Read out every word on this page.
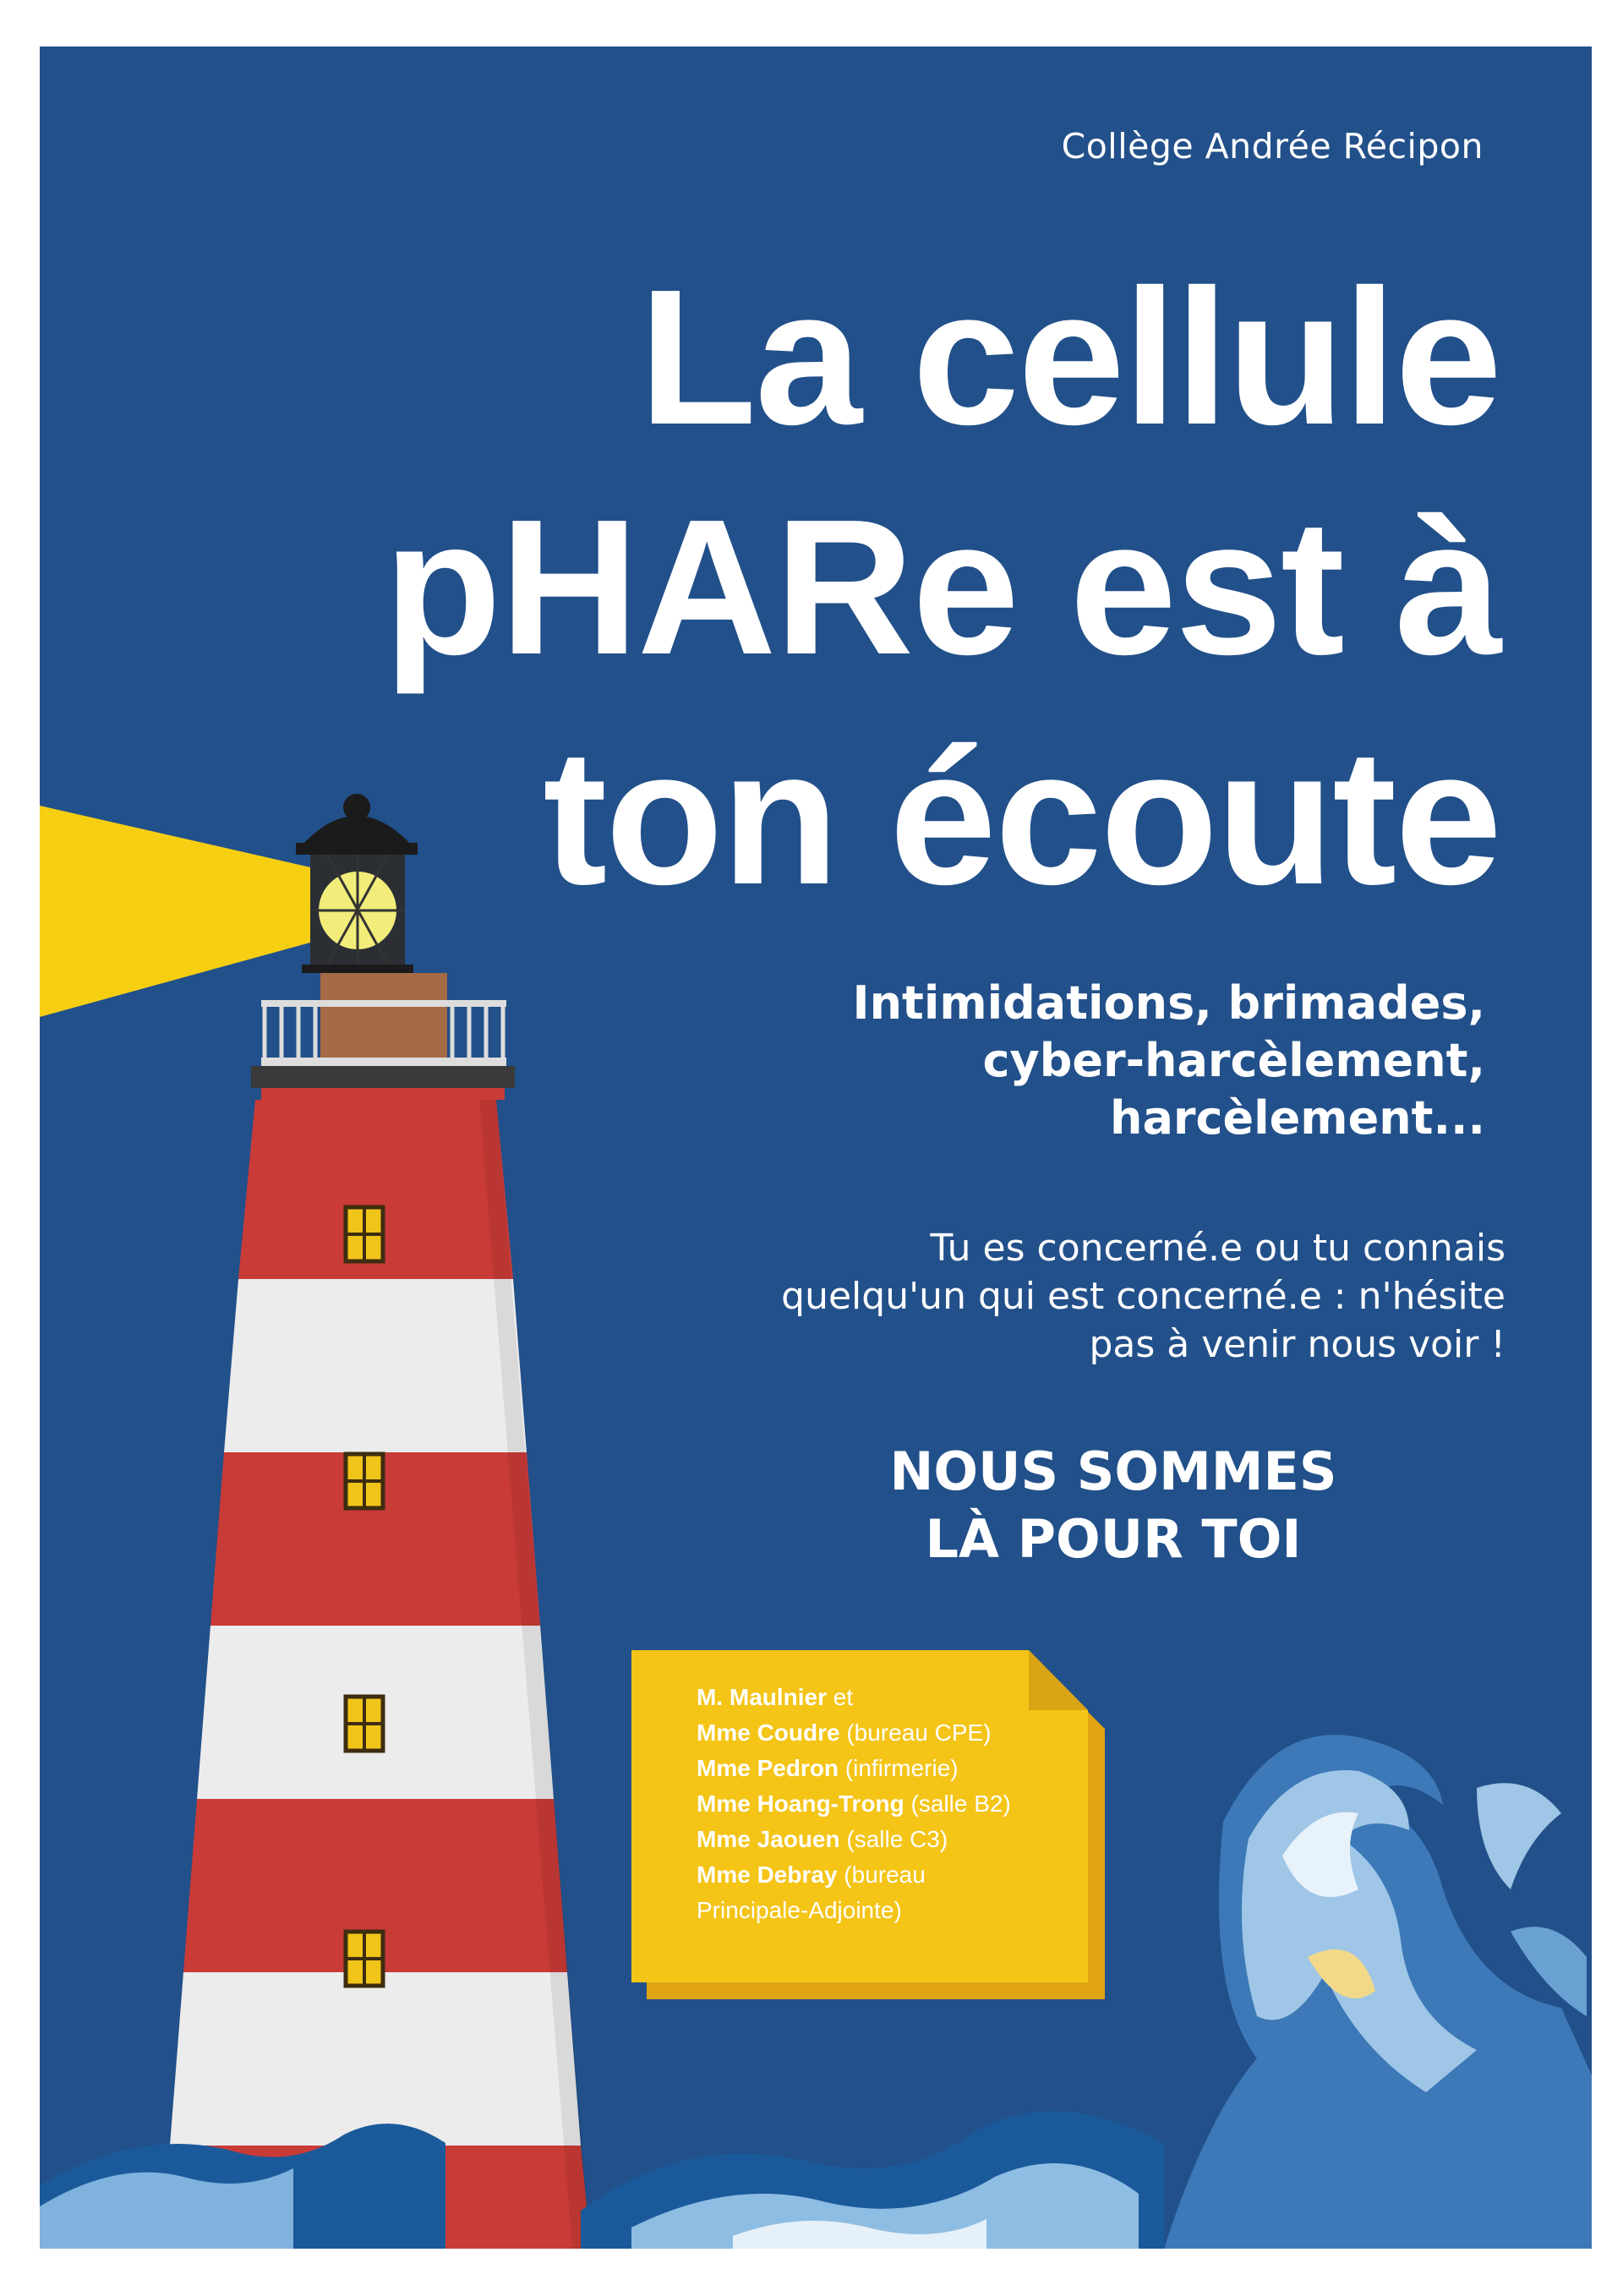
Collège Andrée Récipon
La cellule
pHARe est à
ton écoute
Intimidations, brimades,
cyber-harcèlement,
harcèlement...
Tu es concerné.e ou tu connais
quelqu'un qui est concerné.e : n'hésite
pas à venir nous voir !
NOUS SOMMES
LÀ POUR TOI
M. Maulnier et
Mme Coudre (bureau CPE)
Mme Pedron (infirmerie)
Mme Hoang-Trong (salle B2)
Mme Jaouen (salle C3)
Mme Debray (bureau
Principale-Adjointe)
